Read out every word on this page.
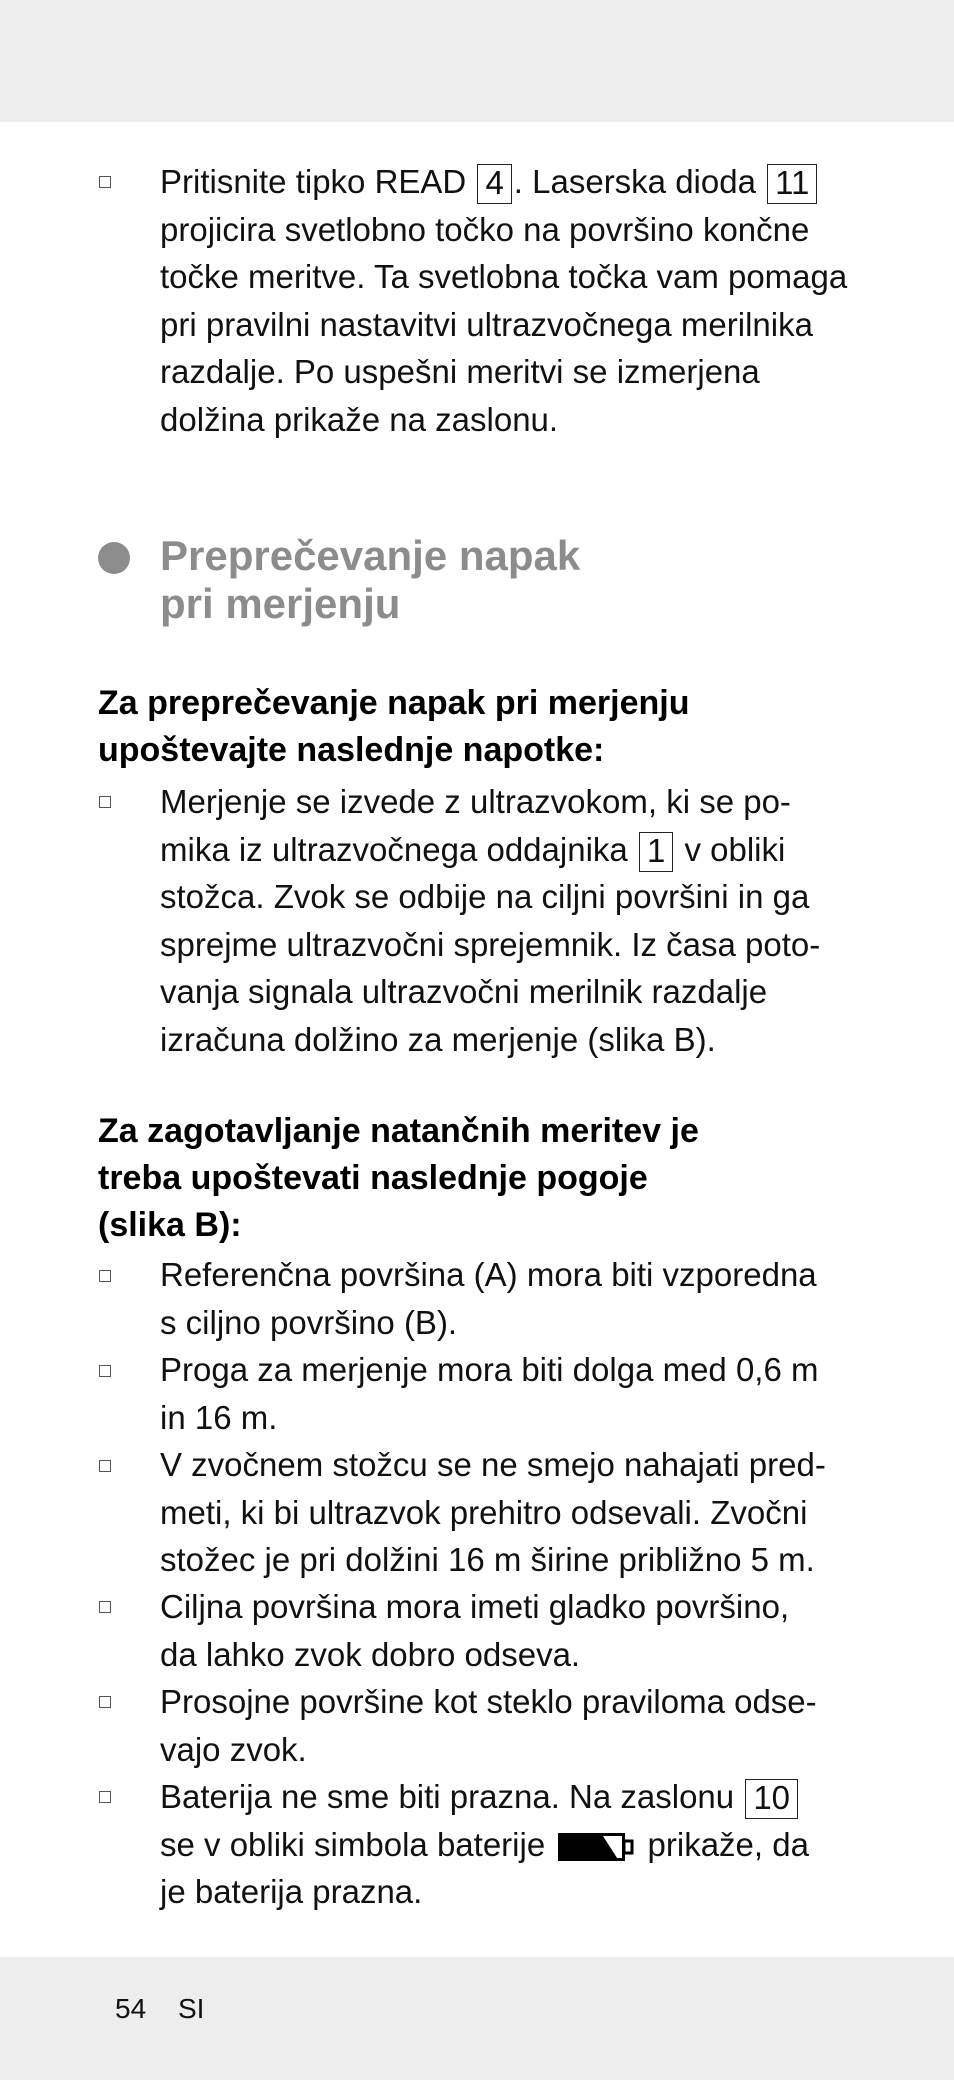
Pritisnite tipko READ 4 . Laserska dioda 11
projicira svetlobno točko na površino končne
točke meritve. Ta svetlobna točka vam pomaga
pri pravilni nastavitvi ultrazvočnega merilnika
razdalje. Po uspešni meritvi se izmerjena
dolžina prikaže na zaslonu.
Preprečevanje napak
pri merjenju
Za preprečevanje napak pri merjenju
upoštevajte naslednje napotke:
Merjenje se izvede z ultrazvokom, ki se po-
mika iz ultrazvočnega oddajnika 1 v obliki
stožca. Zvok se odbije na ciljni površini in ga
sprejme ultrazvočni sprejemnik. Iz časa poto-
vanja signala ultrazvočni merilnik razdalje
izračuna dolžino za merjenje (slika B).
Za zagotavljanje natančnih meritev je
treba upoštevati naslednje pogoje
(slika B):
Referenčna površina (A) mora biti vzporedna
s ciljno površino (B).
Proga za merjenje mora biti dolga med 0,6 m
in 16 m.
V zvočnem stožcu se ne smejo nahajati pred-
meti, ki bi ultrazvok prehitro odsevali. Zvočni
stožec je pri dolžini 16 m širine približno 5 m.
Ciljna površina mora imeti gladko površino,
da lahko zvok dobro odseva.
Prosojne površine kot steklo praviloma odse-
vajo zvok.
Baterija ne sme biti prazna. Na zaslonu 10
se v obliki simbola baterije	prikaže, da
je baterija prazna.
54 SI
